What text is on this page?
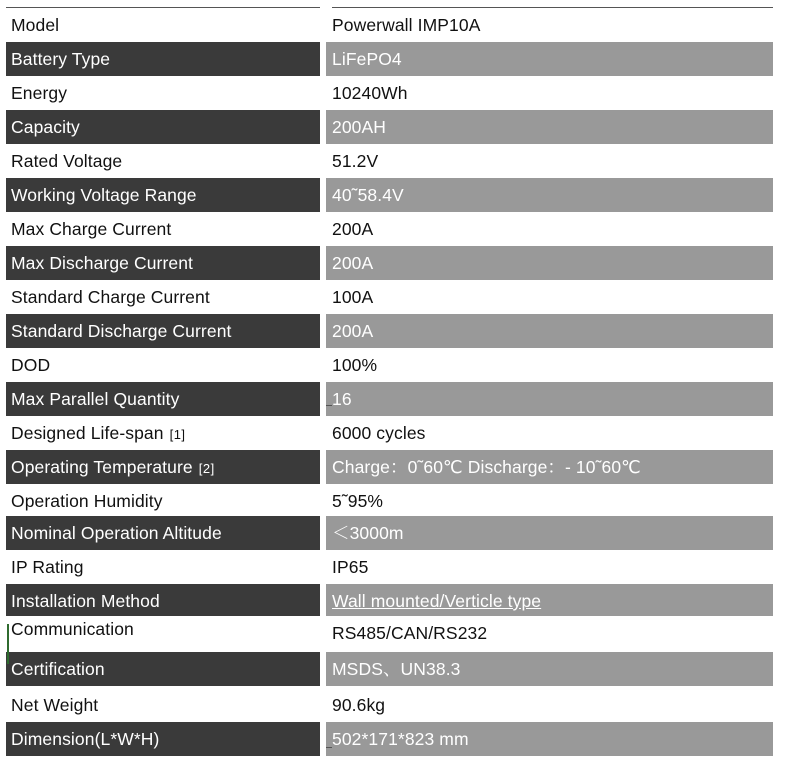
Model	Powerwall IMP10A
Battery Type	LiFePO4
Energy	10240Wh
Capacity	200AH
Rated Voltage	51.2V
Working Voltage Range	40˜58.4V
Max Charge Current	200A
Max Discharge Current	200A
Standard Charge Current	100A
Standard Discharge Current	200A
DOD	100%
Max Parallel Quantity	16
Designed Life-span [1]	6000 cycles
Operating Temperature [2]	Charge：0˜60℃ Discharge：- 10˜60℃
Operation Humidity	5˜95%
Nominal Operation Altitude	＜3000m
IP Rating	IP65
Installation Method	Wall mounted/Verticle type
Communication	RS485/CAN/RS232
Certification	MSDS、UN38.3
Net Weight	90.6kg
Dimension(L*W*H)	502*171*823 mm
